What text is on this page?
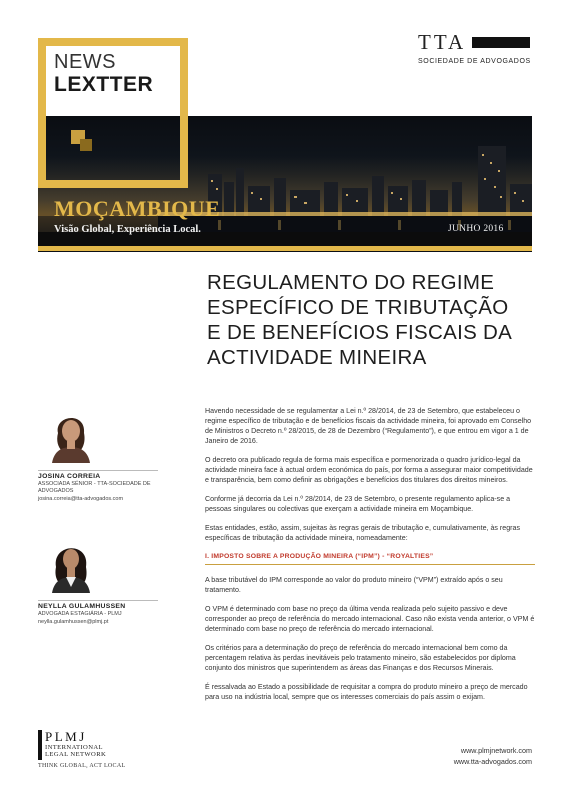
NEWS
LEXTTER
TTA
SOCIEDADE DE ADVOGADOS
MOÇAMBIQUE
Visão Global, Experiência Local.	JUNHO 2016
REGULAMENTO DO REGIME
ESPECÍFICO DE TRIBUTAÇÃO
E DE BENEFÍCIOS FISCAIS DA
ACTIVIDADE MINEIRA
JOSINA CORREIA
ASSOCIADA SÉNIOR - TTA-SOCIEDADE DE ADVOGADOS
josina.correia@tta-advogados.com
NEYLLA GULAMHUSSEN
ADVOGADA ESTAGIÁRIA - PLMJ
neylla.gulamhussen@plmj.pt

Havendo necessidade de se regulamentar a Lei n.º 28/2014, de 23 de Setembro, que estabeleceu o regime específico de tributação e de benefícios fiscais da actividade mineira, foi aprovado em Conselho de Ministros o Decreto n.º 28/2015, de 28 de Dezembro (“Regulamento”), e que entrou em vigor a 1 de Janeiro de 2016.

O decreto ora publicado regula de forma mais específica e pormenorizada o quadro jurídico-legal da actividade mineira face à actual ordem económica do país, por forma a assegurar maior competitividade e transparência, bem como definir as obrigações e benefícios dos titulares dos direitos mineiros.

Conforme já decorria da Lei n.º 28/2014, de 23 de Setembro, o presente regulamento aplica-se a pessoas singulares ou colectivas que exerçam a actividade mineira em Moçambique.

Estas entidades, estão, assim, sujeitas às regras gerais de tributação e, cumulativamente, às regras específicas de tributação da actividade mineira, nomeadamente:

I. IMPOSTO SOBRE A PRODUÇÃO MINEIRA (“IPM”) - “ROYALTIES”

A base tributável do IPM corresponde ao valor do produto mineiro (“VPM”) extraído após o seu tratamento.

O VPM é determinado com base no preço da última venda realizada pelo sujeito passivo e deve corresponder ao preço de referência do mercado internacional. Caso não exista venda anterior, o VPM é determinado com base no preço de referência do mercado internacional.

Os critérios para a determinação do preço de referência do mercado internacional bem como da percentagem relativa às perdas inevitáveis pelo tratamento mineiro, são estabelecidos por diploma conjunto dos ministros que superintendem as áreas das Finanças e dos Recursos Minerais.

É ressalvada ao Estado a possibilidade de requisitar a compra do produto mineiro a preço de mercado para uso na indústria local, sempre que os interesses comerciais do país assim o exijam.

PLMJ
INTERNATIONAL
LEGAL NETWORK
THINK GLOBAL, ACT LOCAL
www.plmjnetwork.com
www.tta-advogados.com
